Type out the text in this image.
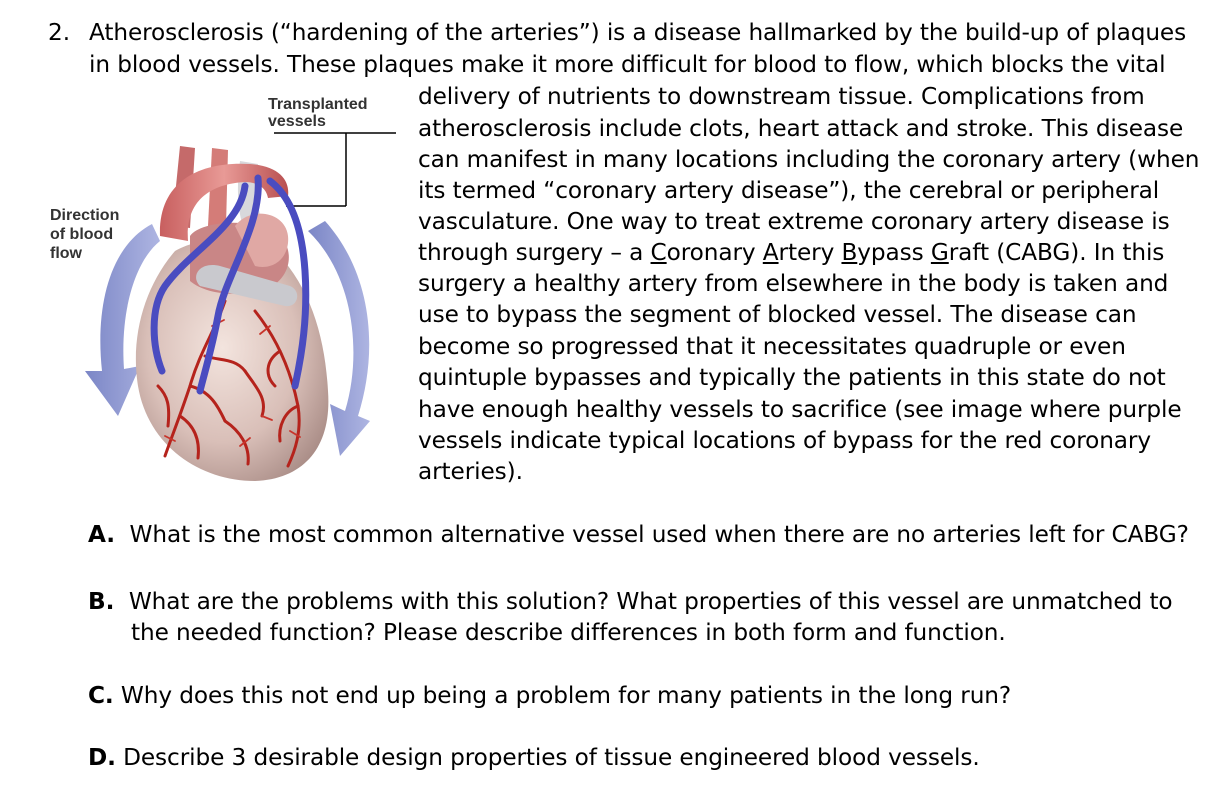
2. Atherosclerosis (“hardening of the arteries”) is a disease hallmarked by the build-up of plaques
in blood vessels. These plaques make it more difficult for blood to flow, which blocks the vital
delivery of nutrients to downstream tissue. Complications from
atherosclerosis include clots, heart attack and stroke. This disease
can manifest in many locations including the coronary artery (when
its termed “coronary artery disease”), the cerebral or peripheral
vasculature. One way to treat extreme coronary artery disease is
through surgery – a Coronary Artery Bypass Graft (CABG). In this
surgery a healthy artery from elsewhere in the body is taken and
use to bypass the segment of blocked vessel. The disease can
become so progressed that it necessitates quadruple or even
quintuple bypasses and typically the patients in this state do not
have enough healthy vessels to sacrifice (see image where purple
vessels indicate typical locations of bypass for the red coronary
arteries).
Transplanted
vessels
Direction
of blood
flow
A. What is the most common alternative vessel used when there are no arteries left for CABG?
B. What are the problems with this solution? What properties of this vessel are unmatched to
the needed function? Please describe differences in both form and function.
C. Why does this not end up being a problem for many patients in the long run?
D. Describe 3 desirable design properties of tissue engineered blood vessels.
